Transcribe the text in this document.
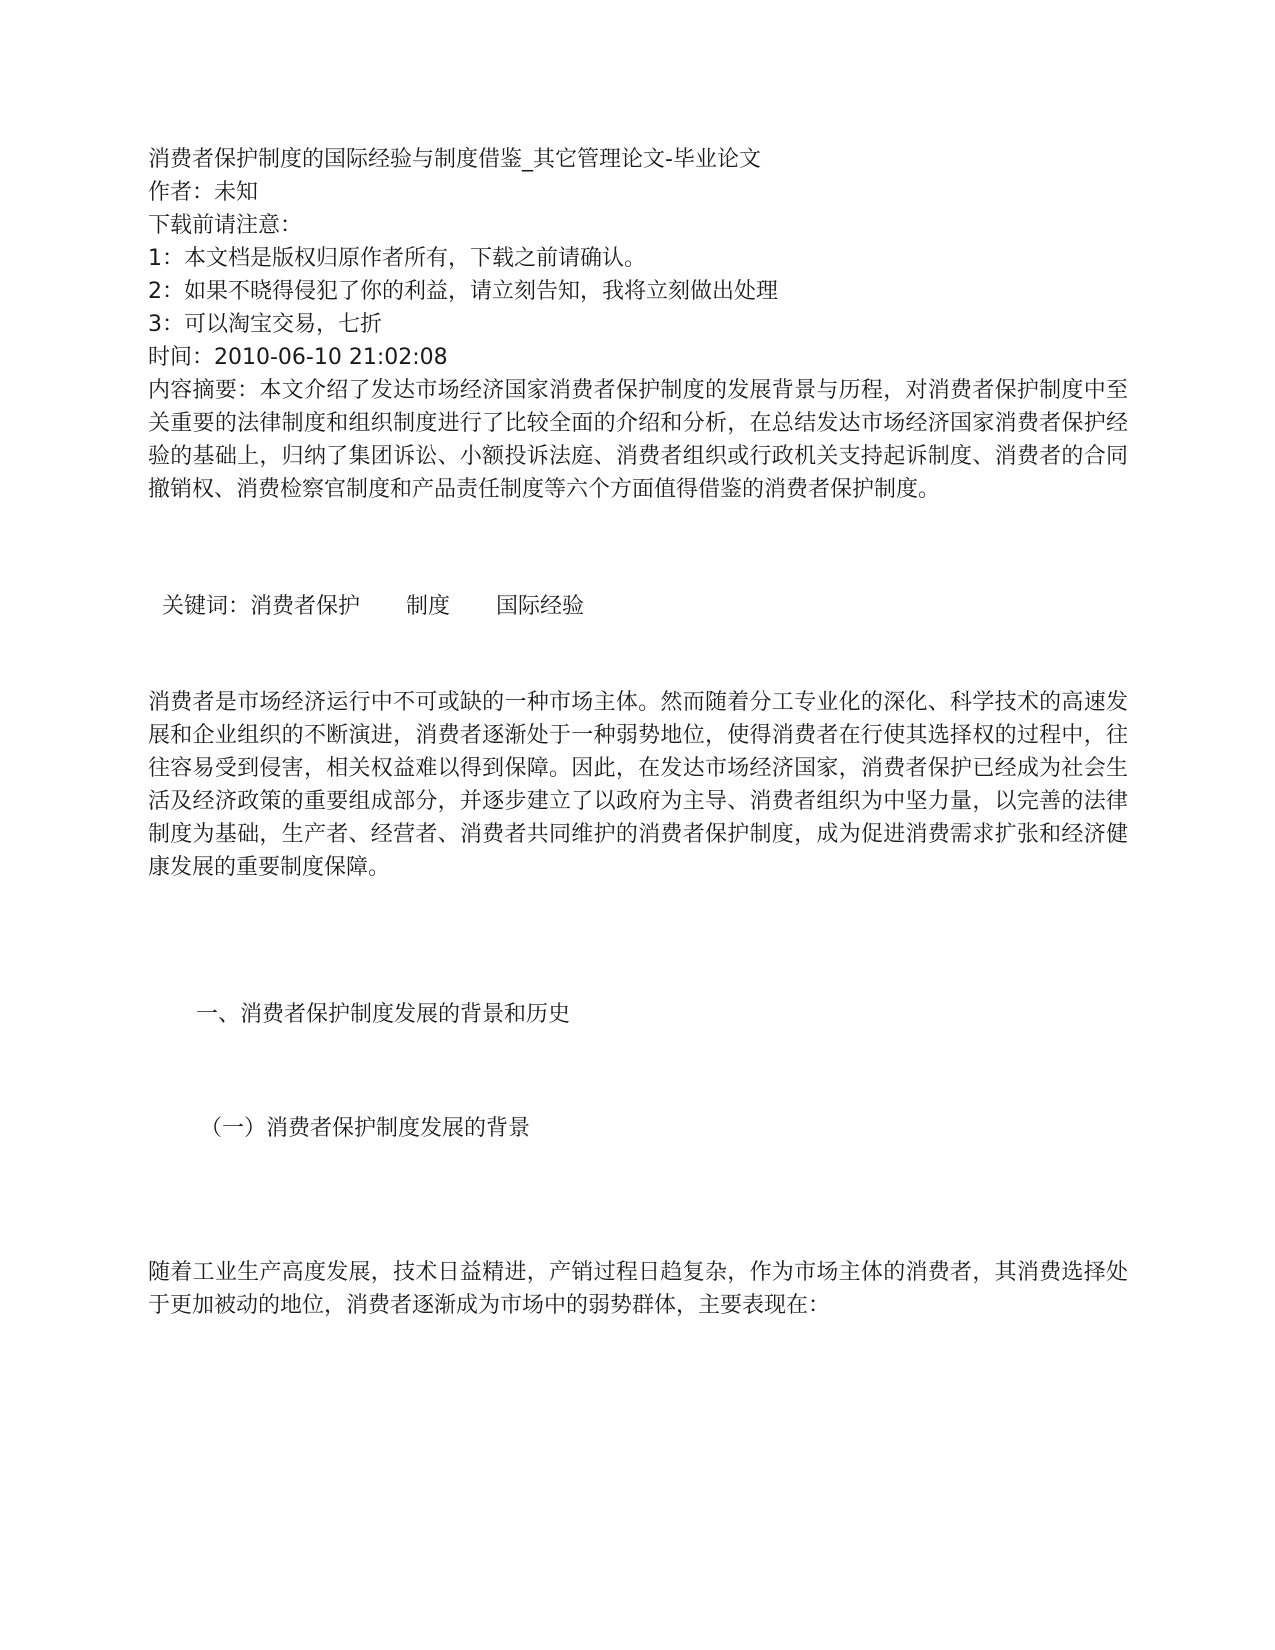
消费者保护制度的国际经验与制度借鉴_其它管理论文-毕业论文
作者：未知
下载前请注意：
1：本文档是版权归原作者所有，下载之前请确认。
2：如果不晓得侵犯了你的利益，请立刻告知，我将立刻做出处理
3：可以淘宝交易，七折
时间：2010-06-10 21:02:08
内容摘要：本文介绍了发达市场经济国家消费者保护制度的发展背景与历程，对消费者保护制度中至关重要的法律制度和组织制度进行了比较全面的介绍和分析，在总结发达市场经济国家消费者保护经验的基础上，归纳了集团诉讼、小额投诉法庭、消费者组织或行政机关支持起诉制度、消费者的合同撤销权、消费检察官制度和产品责任制度等六个方面值得借鉴的消费者保护制度。
关键词：消费者保护 制度 国际经验
消费者是市场经济运行中不可或缺的一种市场主体。然而随着分工专业化的深化、科学技术的高速发展和企业组织的不断演进，消费者逐渐处于一种弱势地位，使得消费者在行使其选择权的过程中，往往容易受到侵害，相关权益难以得到保障。因此，在发达市场经济国家，消费者保护已经成为社会生活及经济政策的重要组成部分，并逐步建立了以政府为主导、消费者组织为中坚力量，以完善的法律制度为基础，生产者、经营者、消费者共同维护的消费者保护制度，成为促进消费需求扩张和经济健康发展的重要制度保障。
一、消费者保护制度发展的背景和历史
（一）消费者保护制度发展的背景
随着工业生产高度发展，技术日益精进，产销过程日趋复杂，作为市场主体的消费者，其消费选择处于更加被动的地位，消费者逐渐成为市场中的弱势群体，主要表现在：
